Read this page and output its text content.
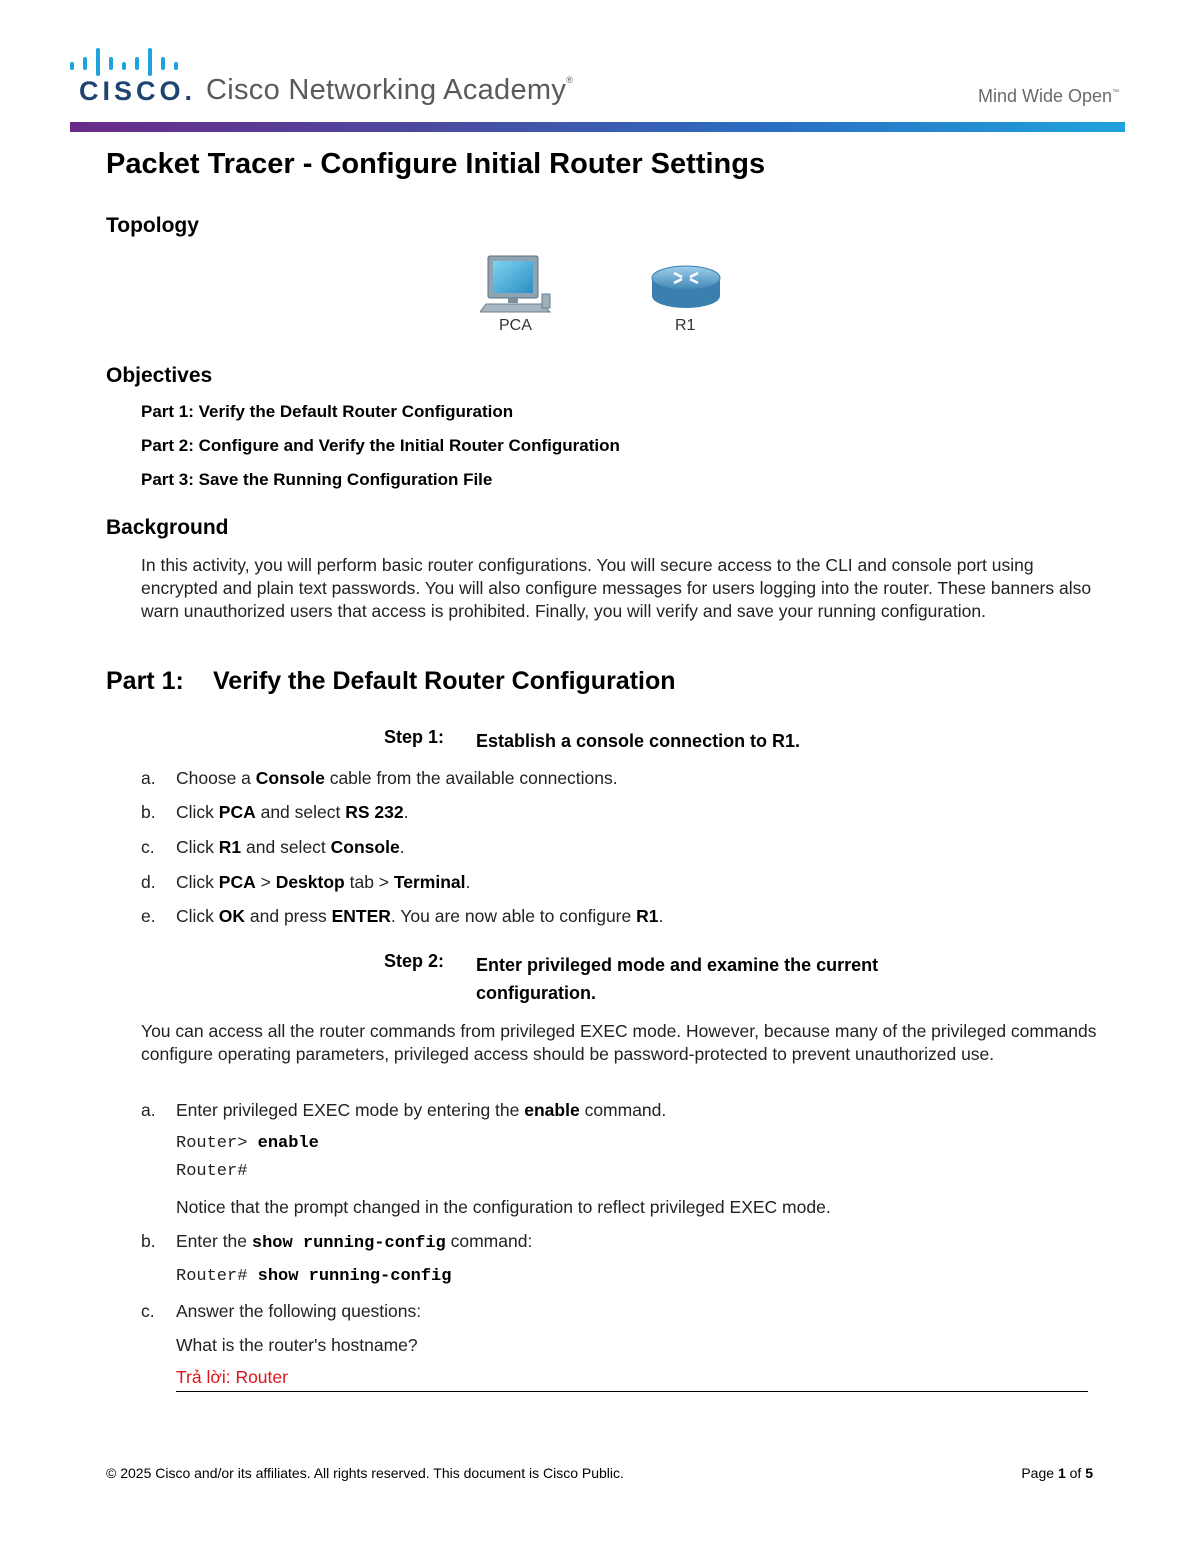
CISCO. Cisco Networking Academy®
Mind Wide Open™
Packet Tracer - Configure Initial Router Settings
Topology
PCA	R1
Objectives
Part 1: Verify the Default Router Configuration
Part 2: Configure and Verify the Initial Router Configuration
Part 3: Save the Running Configuration File
Background
In this activity, you will perform basic router configurations. You will secure access to the CLI and console port using encrypted and plain text passwords. You will also configure messages for users logging into the router. These banners also warn unauthorized users that access is prohibited. Finally, you will verify and save your running configuration.
Part 1: Verify the Default Router Configuration
Step 1: Establish a console connection to R1.
a. Choose a Console cable from the available connections.
b. Click PCA and select RS 232.
c. Click R1 and select Console.
d. Click PCA > Desktop tab > Terminal.
e. Click OK and press ENTER. You are now able to configure R1.
Step 2: Enter privileged mode and examine the current configuration.
You can access all the router commands from privileged EXEC mode. However, because many of the privileged commands configure operating parameters, privileged access should be password-protected to prevent unauthorized use.
a. Enter privileged EXEC mode by entering the enable command.
Router> enable
Router#
Notice that the prompt changed in the configuration to reflect privileged EXEC mode.
b. Enter the show running-config command:
Router# show running-config
c. Answer the following questions:
What is the router's hostname?
Trả lời: Router
© 2025 Cisco and/or its affiliates. All rights reserved. This document is Cisco Public.	Page 1 of 5
